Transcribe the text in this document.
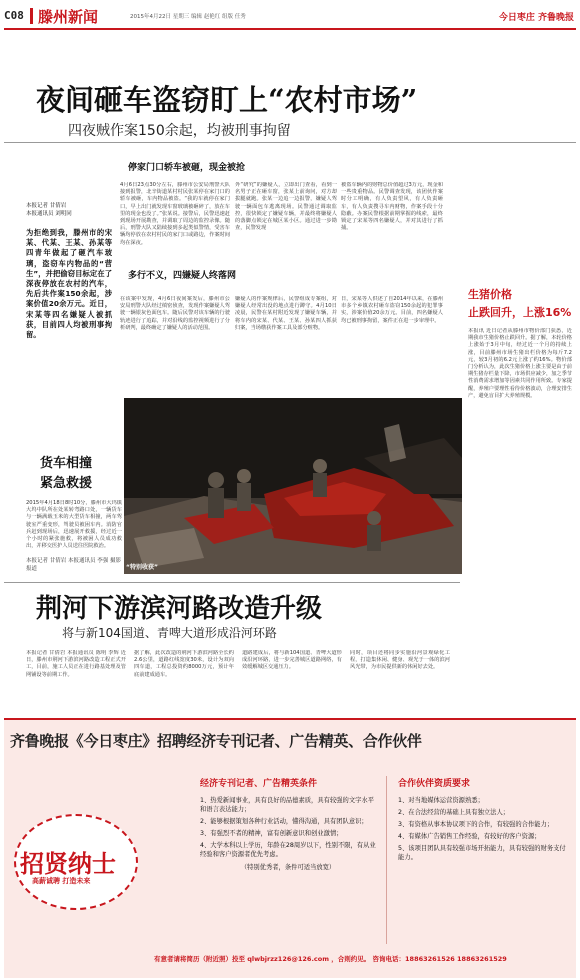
C08 滕州新闻	2015年4月22日 星期三 编辑 赵艳红 组版 任秀	今日枣庄 齐鲁晚报
夜间砸车盗窃盯上“农村市场”
四夜贼作案150余起，均被刑事拘留
本报记者 甘倩岩
本报通讯员 刘明同
为拒绝到我，滕州市的宋某、代某、王某、孙某等四青年做起了砸汽车玻璃，盗窃车内物品的“营生”，并把偷窃目标定在了深夜停放在农村的汽车，先后共作案150余起，涉案价值20余万元。近日，宋某等四名嫌疑人被抓获，目前四人均被刑事拘留。
停家门口轿车被砸，现金被抢
4月6日23点30分左右，滕州市公安局刑警大队接到报警，北辛街道某村村民张某停在家门口的轿车被砸，车内物品被盗。“我的车就停在家门口，早上出门就发现车窗玻璃被砸碎了，放在车里的现金也没了。”张某说。接警后，民警迅速赶到现场开展勘查，并调取了周边的监控录像。随后，刑警大队又陆续接到多起类似警情，受害车辆均停放在农村村民的家门口或路边，作案时间均在深夜。
外“研究”的嫌疑人，立即出门查看，看到一名男子正在砸车窗，张某上前询问，对方却拔腿就跑。张某一边追一边报警，嫌疑人驾驶一辆面包车逃离现场。民警通过调取监控，很快锁定了嫌疑车辆，并最终将嫌疑人的落脚点锁定在城区某小区。通过进一步勘查，民警发现
被盗车辆内的财物总价值超过3万元，现金和一些贵重物品。民警调查发现，该团伙作案时分工明确，有人负责望风，有人负责砸车，有人负责搜寻车内财物，作案手段十分隐蔽。办案民警根据前期掌握的线索，最终锁定了宋某等四名嫌疑人，并对其进行了抓捕。
多行不义，四嫌疑人终落网
在该案中发现，4月6日夜间案发后，滕州市公安局刑警大队经过缜密侦查，发现作案嫌疑人驾驶一辆银灰色面包车。随后民警对该车辆的行驶轨迹进行了追踪，并对沿线的监控视频进行了分析研判，最终确定了嫌疑人的活动范围。
嫌疑人的作案规律后，民警组成专案组，对嫌疑人经常出没的地点进行蹲守。4月10日凌晨，民警在某村附近发现了嫌疑车辆，并将车内的宋某、代某、王某、孙某四人抓获归案，当场缴获作案工具及部分赃物。
日，宋某等人供述了自2014年以来，在滕州市多个乡镇农村砸车盗窃150余起的犯罪事实，涉案价值20余万元。目前，四名嫌疑人均已被刑事拘留，案件正在进一步审理中。
生猪价格
止跌回升，上涨16%
本报讯 近日记者从滕州市物价部门获悉，近期我市生猪价格止跌回升。据了解，本轮价格上涨始于3月中旬，经过近一个月的持续上涨，目前滕州市场生猪出栏价格为每斤7.2元，较3月初的6.2元上涨了约16%。物价部门分析认为，此次生猪价格上涨主要是由于前期生猪存栏量下降，市场供应减少，加之季节性消费需求增加等因素共同作用所致。专家提醒，养殖户要理性看待价格波动，合理安排生产，避免盲目扩大养殖规模。
货车相撞
紧急救援
2015年4月18日8时10分，滕州市大坞镇大坞中队所在处某转弯路口处，一辆货车与一辆满载玉米的大型货车相撞，两车驾驶室严重变形，驾驶员被困车内。消防官兵赶到现场后，迅速展开救援，经过近一个小时的紧张施救，将被困人员成功救出，并移交医护人员送往医院救治。
本报记者 甘倩岩 本报通讯员 李强 摄影报道	“特别收获”
荆河下游滨河路改造升级
将与新104国道、青啤大道形成沿河环路
本报记者 甘倩岩 本报通讯员 陈明 李辉 近日，滕州市荆河下游滨河路改造工程正式开工，目前，施工人员正在进行路基处理及管网铺设等前期工作。
据了解，此次改造的荆河下游滨河路全长约2.6公里，道路红线宽度30米，设计为双向四车道，工程总投资约8000万元，预计年底前建成通车。
道路建成后，将与新104国道、青啤大道形成沿河环路，进一步完善城区道路网络，有效缓解城区交通压力。
同时，项目还将同步实施沿河景观绿化工程，打造集休闲、健身、观光于一体的滨河风光带，为市民提供新的休闲好去处。
齐鲁晚报《今日枣庄》招聘经济专刊记者、广告精英、合作伙伴
招贤纳士
高薪诚聘 打造未来
经济专刊记者、广告精英条件
1、热爱新闻事业，具有良好的品德素质，具有较强的文字水平和语言表达能力；
2、能够根据策划各种行业活动，懂得沟通，具有团队意识；
3、有强烈不者的精神，富有创新意识和创业激情；
4、大学本科以上学历，年龄在28周岁以下，性别不限，有从业经验和客户资源者优先考虑。
（特别优秀者，条件可适当放宽）
合作伙伴资质要求
1、对当地媒体运营资源熟悉；
2、在合法经营的基础上具有独立法人；
3、有资格从事本协议项下的合作，有较强的合作能力；
4、有媒体广告销售工作经验，有较好的客户资源；
5、该项目团队具有较强市场开拓能力，具有较强的财务支付能力。
有意者请将简历（附近照）投至 qlwbjrzz126@126.com ，合则约见。 咨询电话：18863261526 18863261529
